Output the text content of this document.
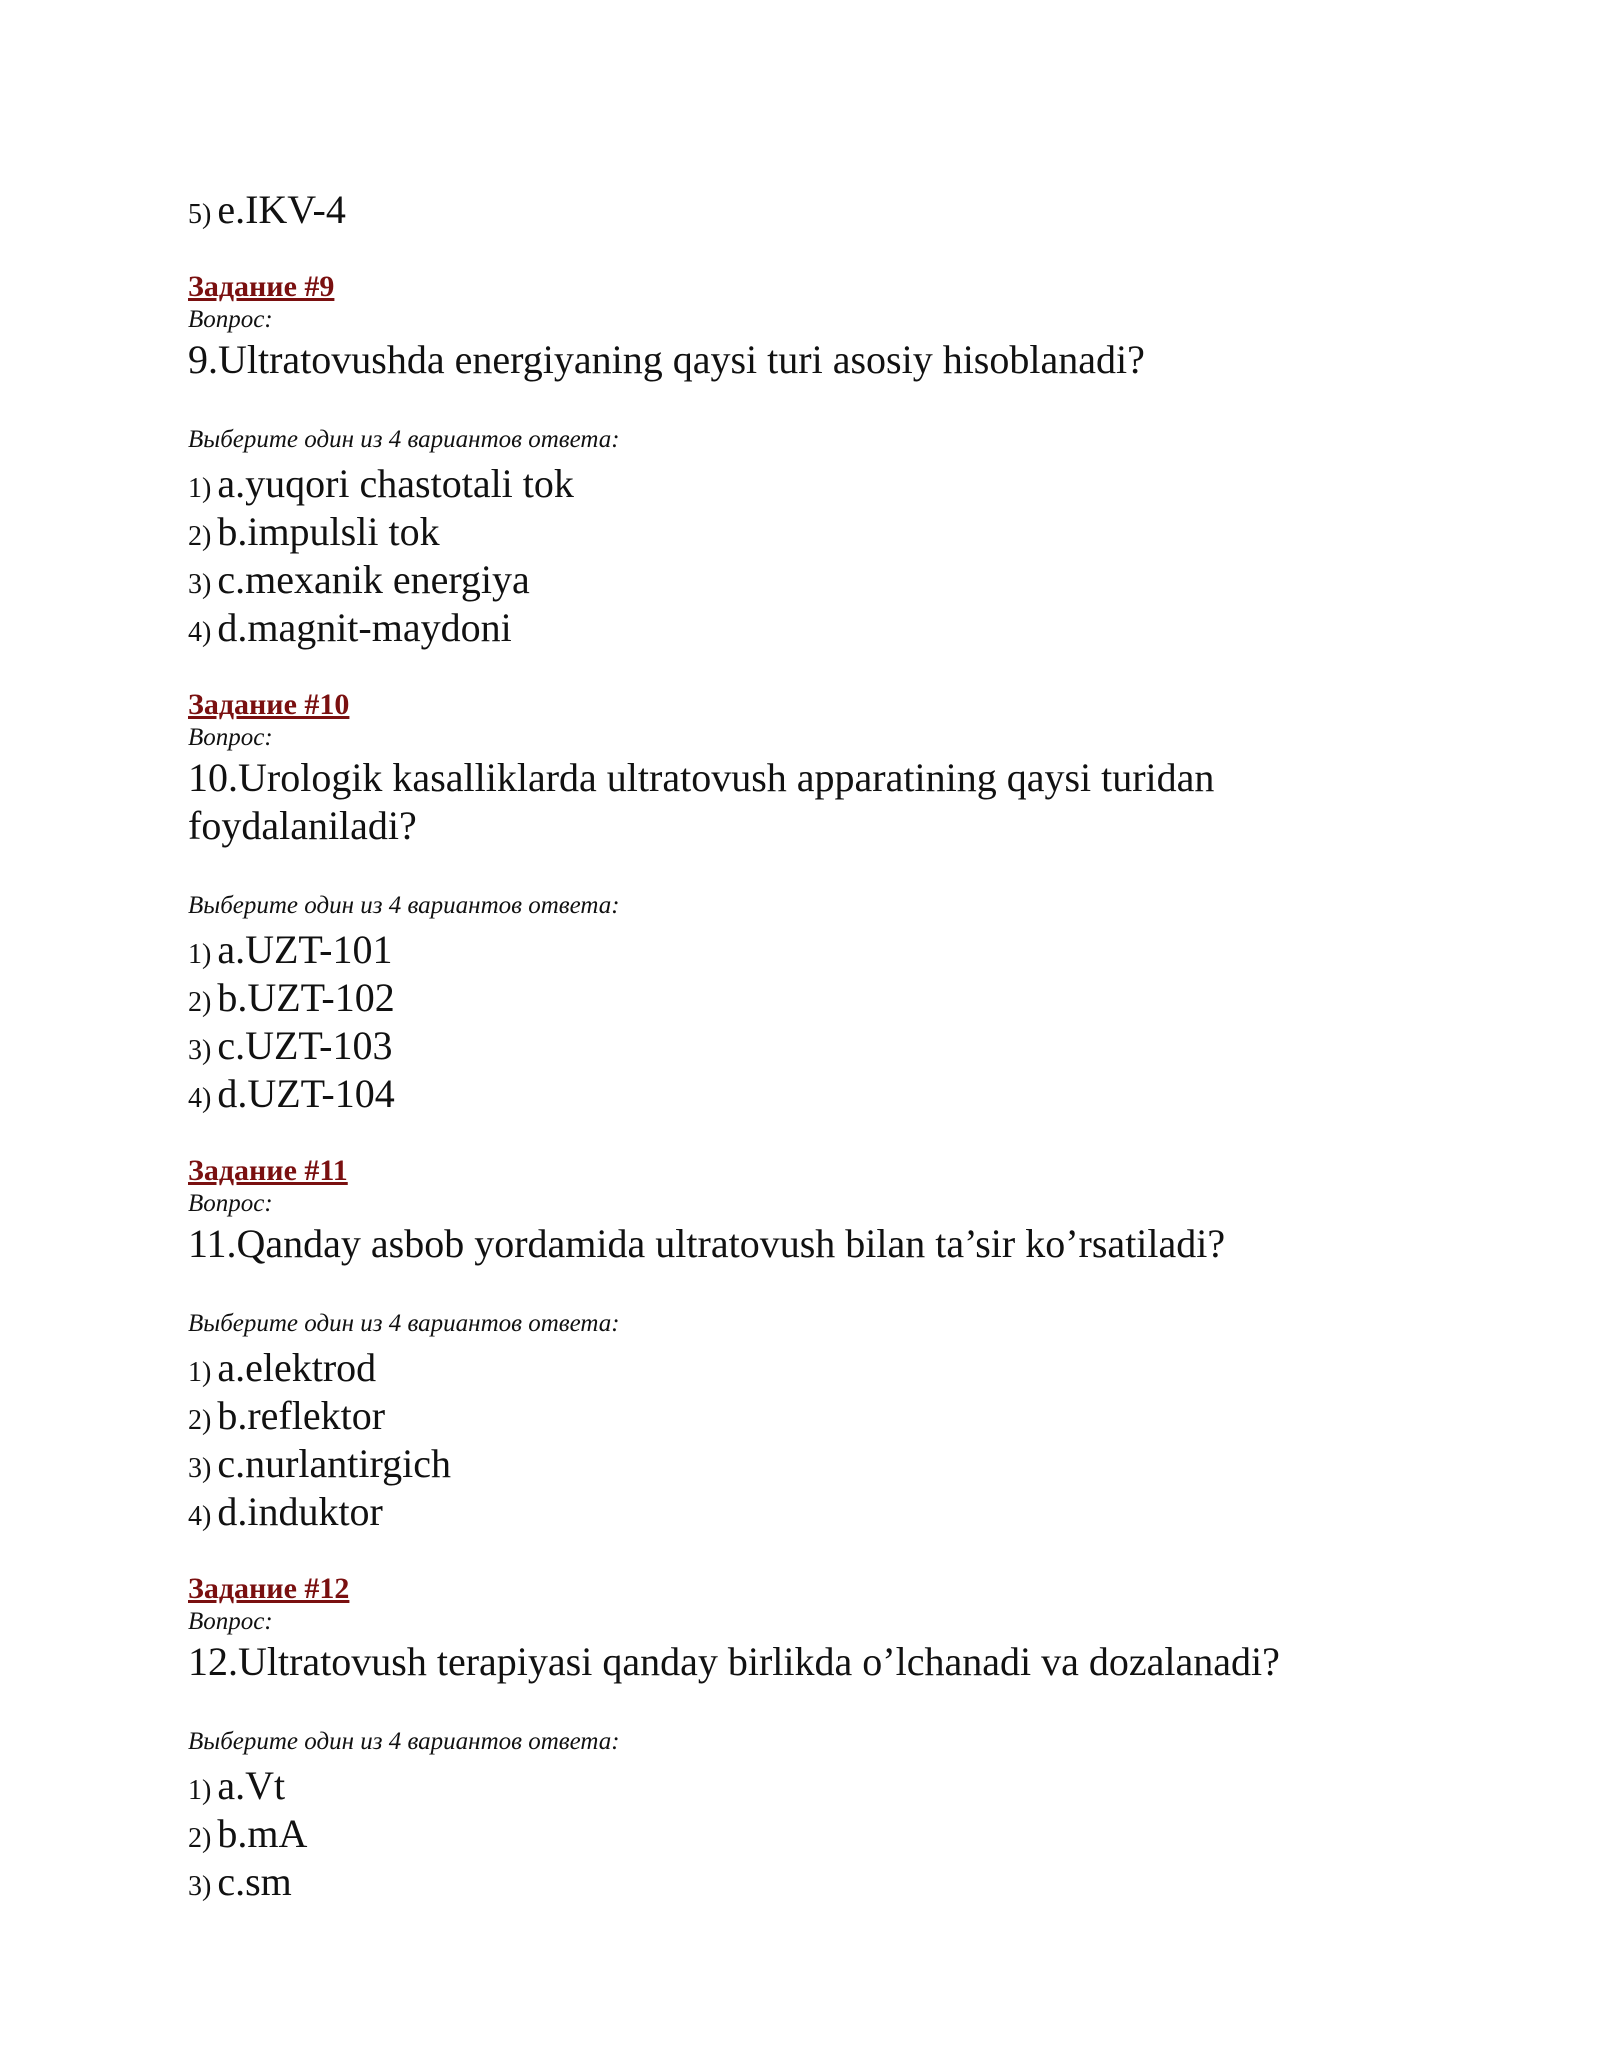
5) e.IKV-4
Задание #9
Вопрос:
9.Ultratovushda energiyaning qaysi turi asosiy hisoblanadi?
Выберите один из 4 вариантов ответа:
1) a.yuqori chastotali tok
2) b.impulsli tok
3) c.mexanik energiya
4) d.magnit-maydoni
Задание #10
Вопрос:
10.Urologik kasalliklarda ultratovush apparatining qaysi turidan foydalaniladi?
Выберите один из 4 вариантов ответа:
1) a.UZT-101
2) b.UZT-102
3) c.UZT-103
4) d.UZT-104
Задание #11
Вопрос:
11.Qanday asbob yordamida ultratovush bilan ta’sir ko’rsatiladi?
Выберите один из 4 вариантов ответа:
1) a.elektrod
2) b.reflektor
3) c.nurlantirgich
4) d.induktor
Задание #12
Вопрос:
12.Ultratovush terapiyasi qanday birlikda o’lchanadi va dozalanadi?
Выберите один из 4 вариантов ответа:
1) a.Vt
2) b.mA
3) c.sm
